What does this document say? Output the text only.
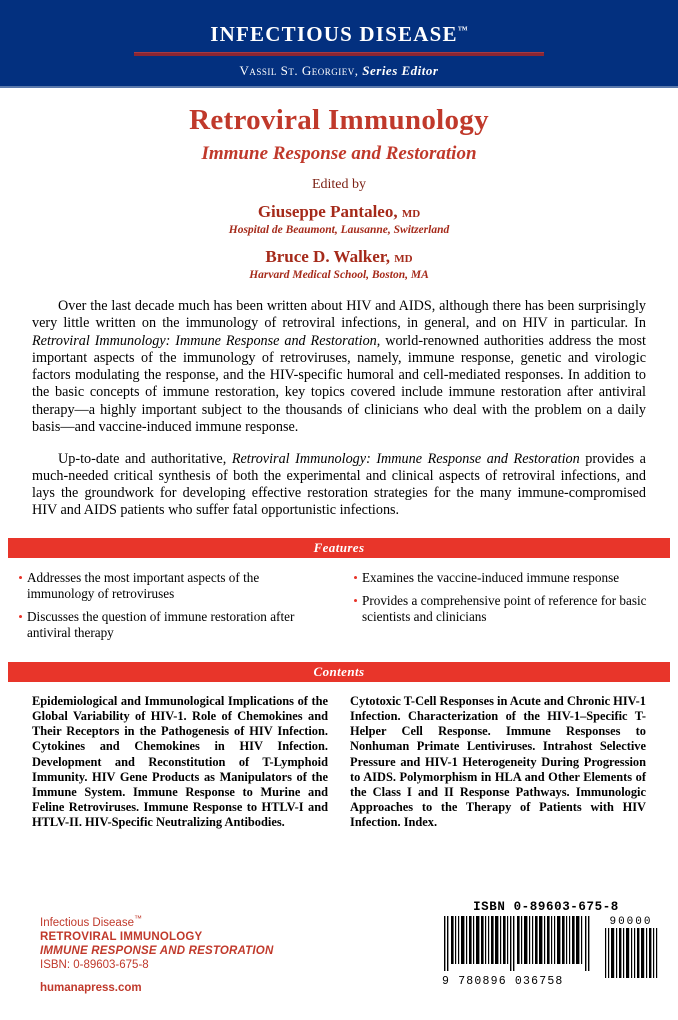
INFECTIOUS DISEASE™
Vassil St. Georgiev, Series Editor
Retroviral Immunology
Immune Response and Restoration
Edited by
Giuseppe Pantaleo, MD
Hospital de Beaumont, Lausanne, Switzerland
Bruce D. Walker, MD
Harvard Medical School, Boston, MA

Over the last decade much has been written about HIV and AIDS, although there has been surprisingly very little written on the immunology of retroviral infections, in general, and on HIV in particular. In Retroviral Immunology: Immune Response and Restoration, world-renowned authorities address the most important aspects of the immunology of retroviruses, namely, immune response, genetic and virologic factors modulating the response, and the HIV-specific humoral and cell-mediated responses. In addition to the basic concepts of immune restoration, key topics covered include immune restoration after antiviral therapy—a highly important subject to the thousands of clinicians who deal with the problem on a daily basis—and vaccine-induced immune response.

Up-to-date and authoritative, Retroviral Immunology: Immune Response and Restoration provides a much-needed critical synthesis of both the experimental and clinical aspects of retroviral infections, and lays the groundwork for developing effective restoration strategies for the many immune-compromised HIV and AIDS patients who suffer fatal opportunistic infections.

Features
• Addresses the most important aspects of the immunology of retroviruses
• Discusses the question of immune restoration after antiviral therapy
• Examines the vaccine-induced immune response
• Provides a comprehensive point of reference for basic scientists and clinicians
Contents
Epidemiological and Immunological Implications of the Global Variability of HIV-1. Role of Chemokines and Their Receptors in the Pathogenesis of HIV Infection. Cytokines and Chemokines in HIV Infection. Development and Reconstitution of T-Lymphoid Immunity. HIV Gene Products as Manipulators of the Immune System. Immune Response to Murine and Feline Retroviruses. Immune Response to HTLV-I and HTLV-II. HIV-Specific Neutralizing Antibodies.
Cytotoxic T-Cell Responses in Acute and Chronic HIV-1 Infection. Characterization of the HIV-1–Specific T-Helper Cell Response. Immune Responses to Nonhuman Primate Lentiviruses. Intrahost Selective Pressure and HIV-1 Heterogeneity During Progression to AIDS. Polymorphism in HLA and Other Elements of the Class I and II Response Pathways. Immunologic Approaches to the Therapy of Patients with HIV Infection. Index.
Infectious Disease™
RETROVIRAL IMMUNOLOGY
IMMUNE RESPONSE AND RESTORATION
ISBN: 0-89603-675-8
humanapress.com
ISBN 0-89603-675-8
9 780896 036758
90000
